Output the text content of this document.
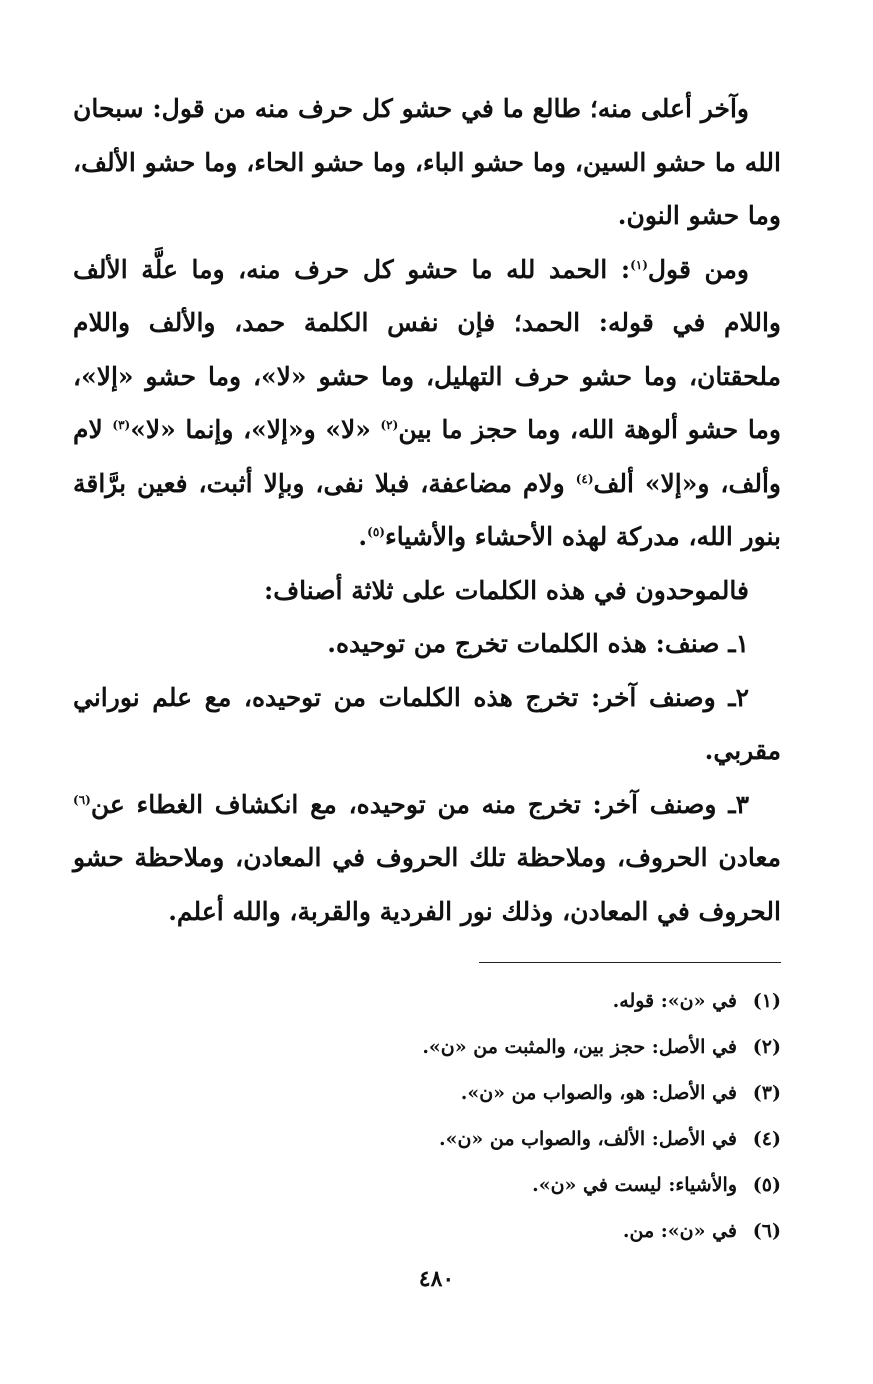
وآخر أعلى منه؛ طالع ما في حشو كل حرف منه من قول: سبحان الله ما حشو السين، وما حشو الباء، وما حشو الحاء، وما حشو الألف، وما حشو النون.

ومن قول$^{(١)}$: الحمد لله ما حشو كل حرف منه، وما علَّة الألف واللام في قوله: الحمد؛ فإن نفس الكلمة حمد، والألف واللام ملحقتان، وما حشو حرف التهليل، وما حشو «لا»، وما حشو «إلا»، وما حشو ألوهة الله، وما حجز ما بين$^{(٢)}$ «لا» و«إلا»، وإنما «لا»$^{(٣)}$ لام وألف، و«إلا» ألف$^{(٤)}$ ولام مضاعفة، فبلا نفى، وبإلا أثبت، فعين برَّاقة بنور الله، مدركة لهذه الأحشاء والأشياء$^{(٥)}$.

فالموحدون في هذه الكلمات على ثلاثة أصناف:

١ـ صنف: هذه الكلمات تخرج من توحيده.

٢ـ وصنف آخر: تخرج هذه الكلمات من توحيده، مع علم نوراني مقربي.

٣ـ وصنف آخر: تخرج منه من توحيده، مع انكشاف الغطاء عن$^{(٦)}$ معادن الحروف، وملاحظة تلك الحروف في المعادن، وملاحظة حشو الحروف في المعادن، وذلك نور الفردية والقربة، والله أعلم.

(١)
في «ن»: قوله.
(٢)
في الأصل: حجز بين، والمثبت من «ن».
(٣)
في الأصل: هو، والصواب من «ن».
(٤)
في الأصل: الألف، والصواب من «ن».
(٥)
والأشياء: ليست في «ن».
(٦)
في «ن»: من.
٤٨٠
